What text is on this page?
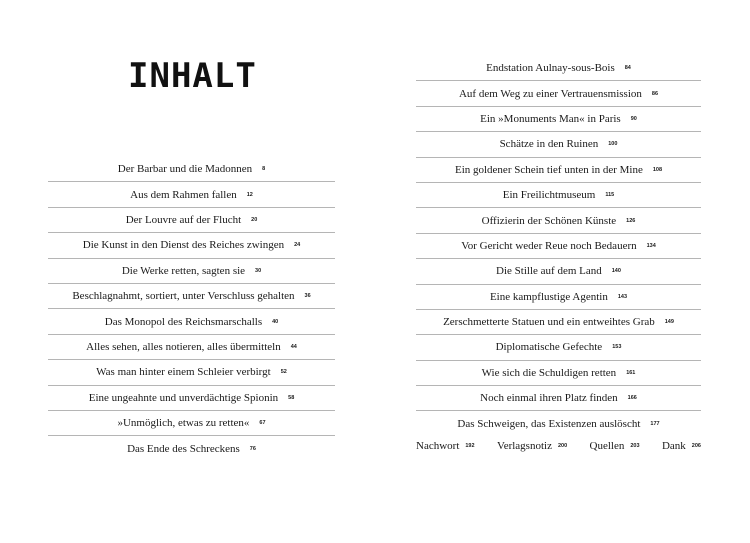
INHALT
Der Barbar und die Madonnen 8
Aus dem Rahmen fallen 12
Der Louvre auf der Flucht 20
Die Kunst in den Dienst des Reiches zwingen 24
Die Werke retten, sagten sie 30
Beschlagnahmt, sortiert, unter Verschluss gehalten 36
Das Monopol des Reichsmarschalls 40
Alles sehen, alles notieren, alles übermitteln 44
Was man hinter einem Schleier verbirgt 52
Eine ungeahnte und unverdächtige Spionin 58
»Unmöglich, etwas zu retten« 67
Das Ende des Schreckens 76
Endstation Aulnay-sous-Bois 84
Auf dem Weg zu einer Vertrauensmission 86
Ein »Monuments Man« in Paris 90
Schätze in den Ruinen 100
Ein goldener Schein tief unten in der Mine 108
Ein Freilichtmuseum 115
Offizierin der Schönen Künste 126
Vor Gericht weder Reue noch Bedauern 134
Die Stille auf dem Land 140
Eine kampflustige Agentin 143
Zerschmetterte Statuen und ein entweihtes Grab 149
Diplomatische Gefechte 153
Wie sich die Schuldigen retten 161
Noch einmal ihren Platz finden 166
Das Schweigen, das Existenzen auslöscht 177
Nachwort 192 Verlagsnotiz 200 Quellen 203 Dank 206
